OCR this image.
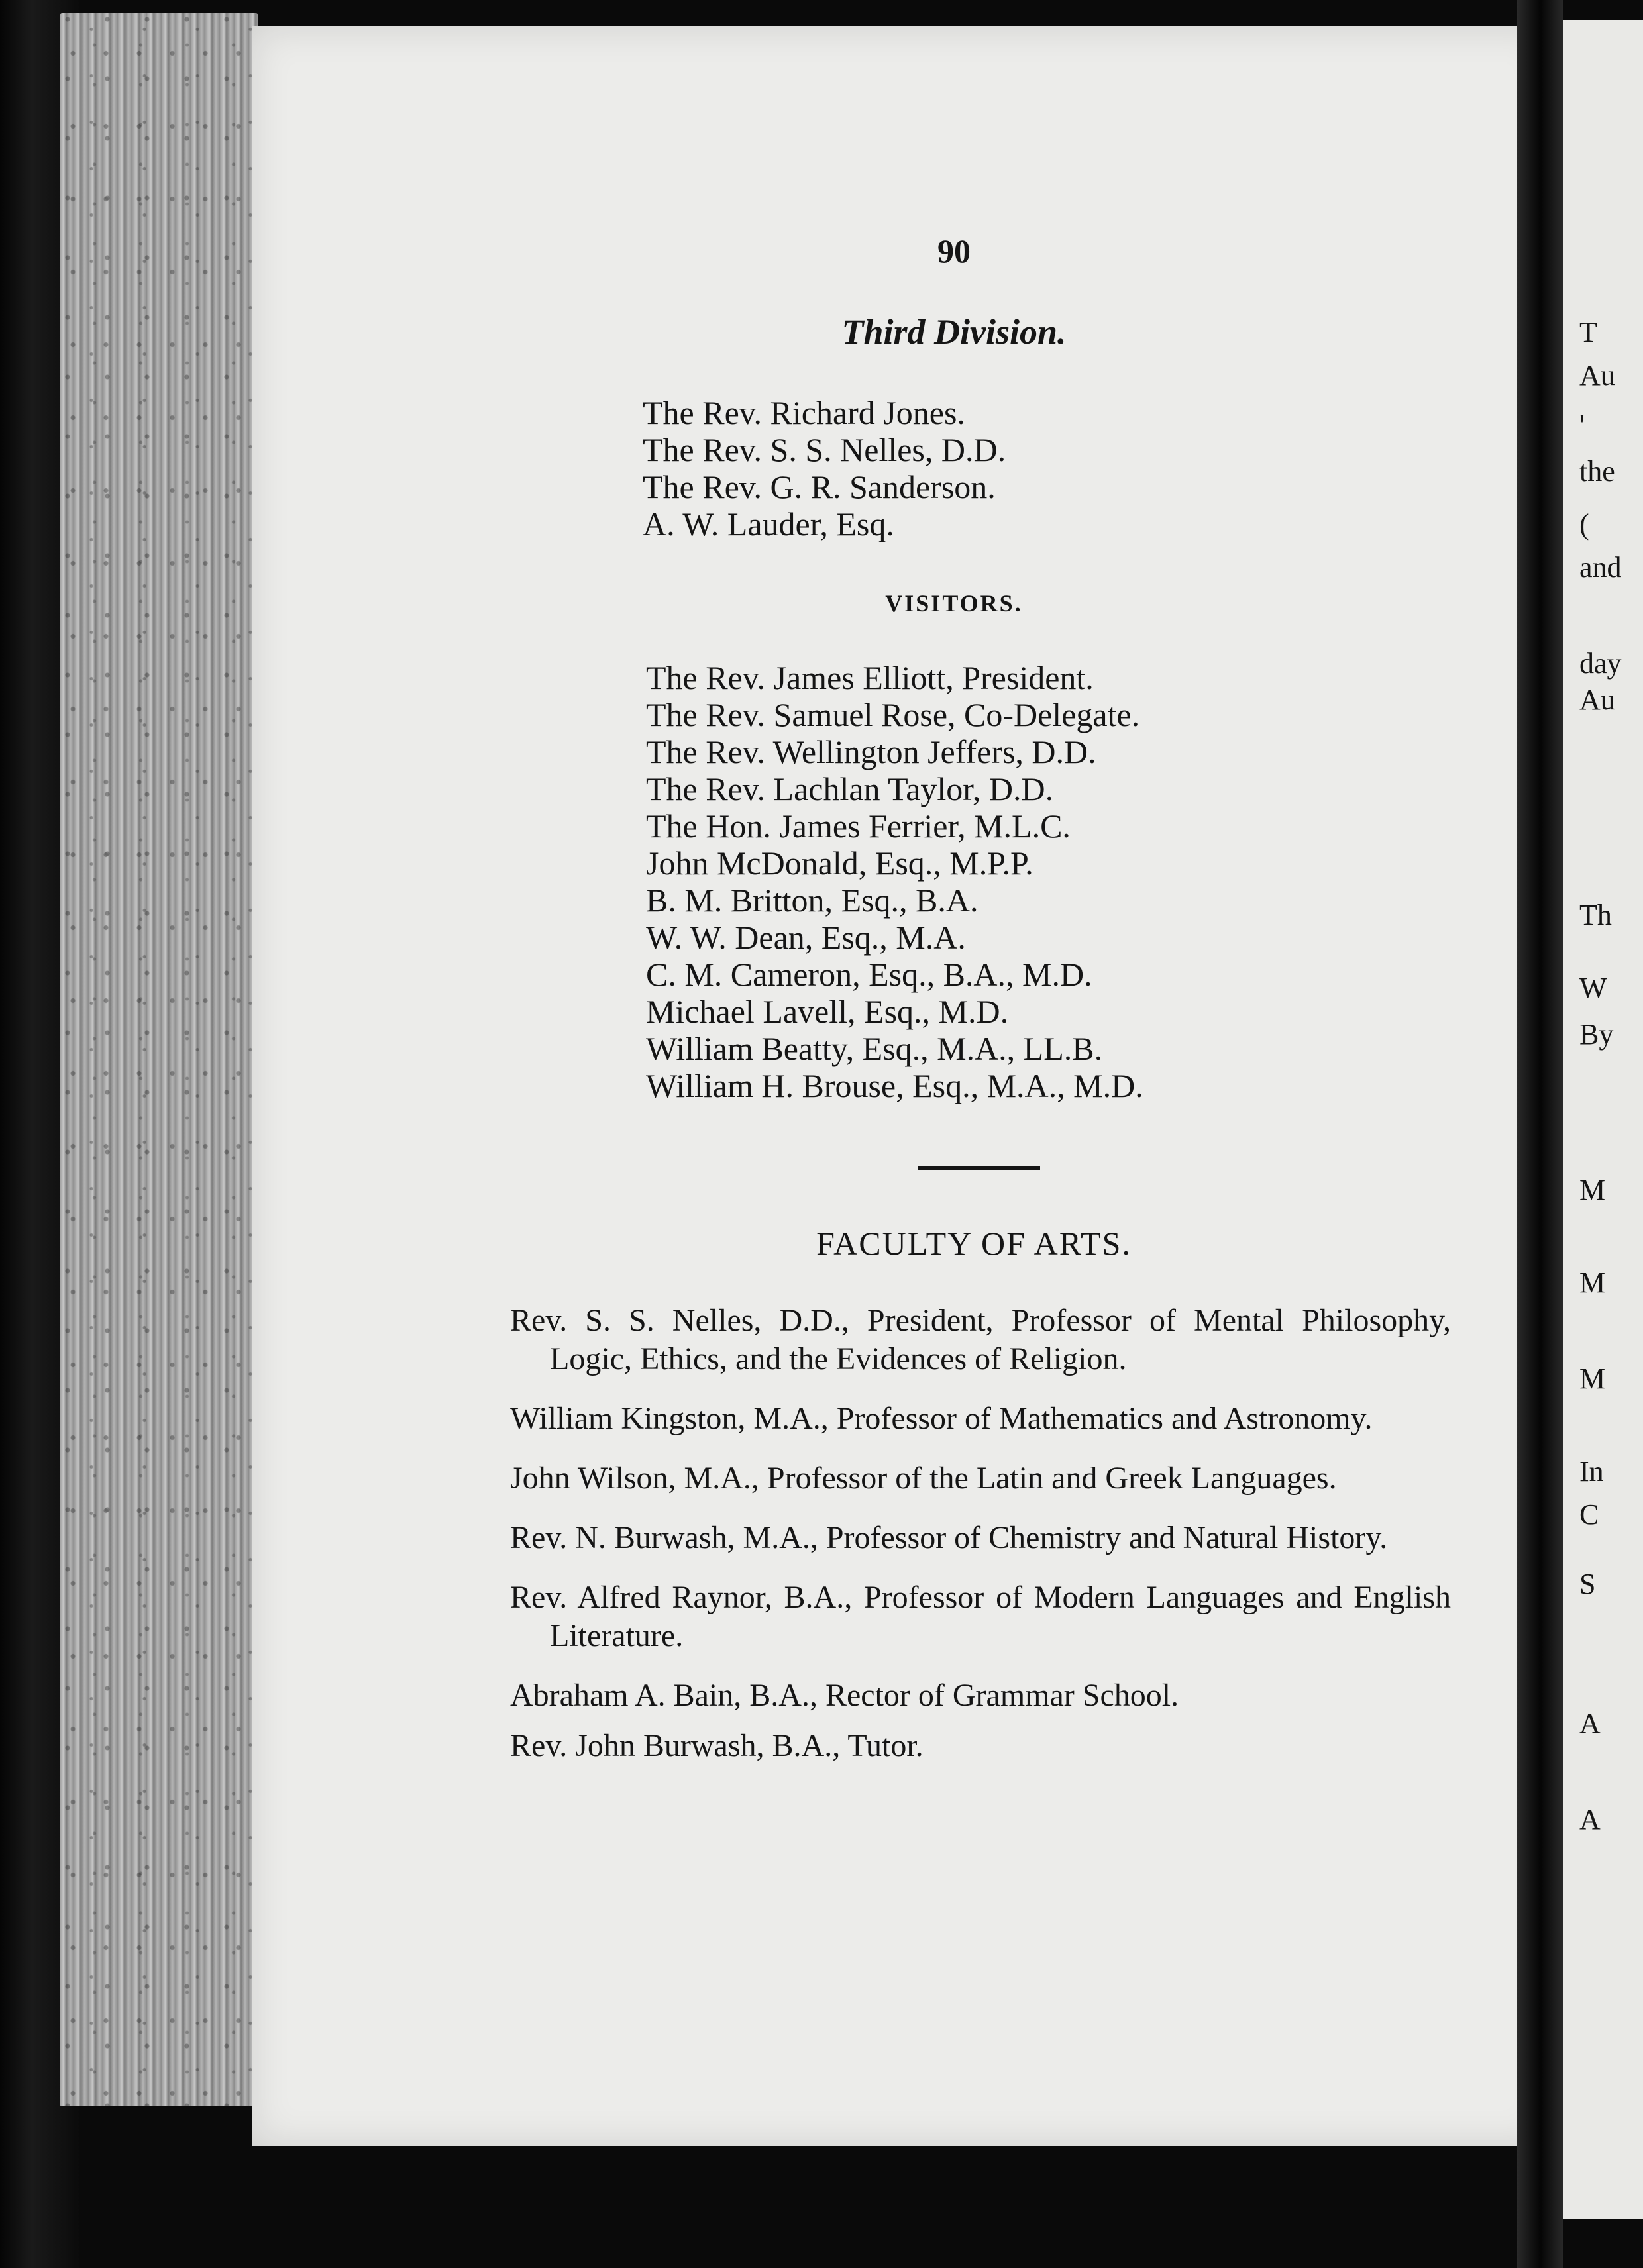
90
Third Division.
The Rev. Richard Jones.
The Rev. S. S. Nelles, D.D.
The Rev. G. R. Sanderson.
A. W. Lauder, Esq.
VISITORS.
The Rev. James Elliott, President.
The Rev. Samuel Rose, Co-Delegate.
The Rev. Wellington Jeffers, D.D.
The Rev. Lachlan Taylor, D.D.
The Hon. James Ferrier, M.L.C.
John McDonald, Esq., M.P.P.
B. M. Britton, Esq., B.A.
W. W. Dean, Esq., M.A.
C. M. Cameron, Esq., B.A., M.D.
Michael Lavell, Esq., M.D.
William Beatty, Esq., M.A., LL.B.
William H. Brouse, Esq., M.A., M.D.
FACULTY OF ARTS.
Rev. S. S. Nelles, D.D., President, Professor of Mental Philosophy, Logic, Ethics, and the Evidences of Religion.
William Kingston, M.A., Professor of Mathematics and Astronomy.
John Wilson, M.A., Professor of the Latin and Greek Languages.
Rev. N. Burwash, M.A., Professor of Chemistry and Natural History.
Rev. Alfred Raynor, B.A., Professor of Modern Languages and English Literature.
Abraham A. Bain, B.A., Rector of Grammar School.
Rev. John Burwash, B.A., Tutor.
T
Au
'
the
(
and
day
Au
Th
W
By
M
M
M
In
C
S
A
A
